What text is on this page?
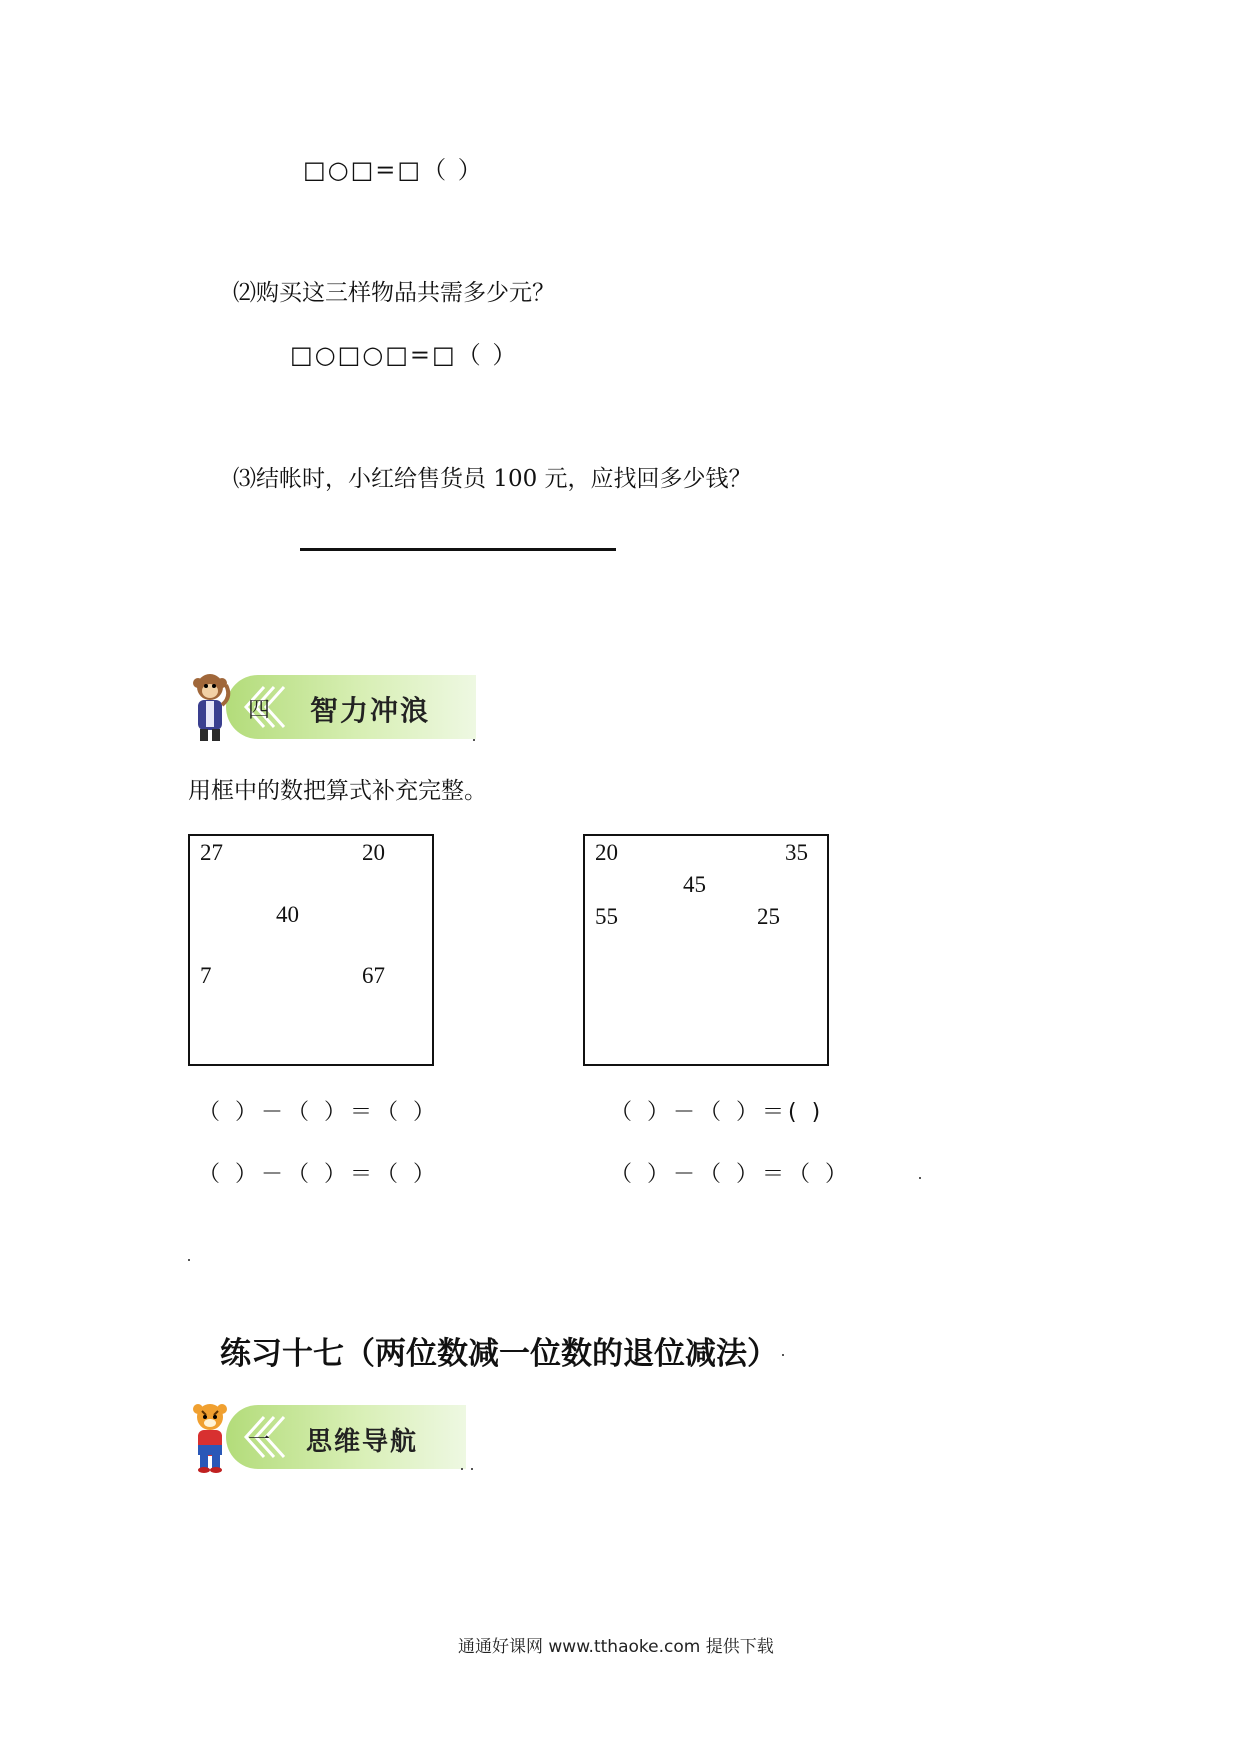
□○□=□（ ）
⑵购买这三样物品共需多少元？
□○□○□=□（ ）
⑶结帐时，小红给售货员 100 元，应找回多少钱？
四 智力冲浪
用框中的数把算式补充完整。
27	20
40
7	67
20	35
45
55	25
（ ）－（ ）＝（ ）
（ ）－（ ）＝（ ）
（ ）－（ ）＝( )
（ ）－（ ）＝（ ）
练习十七（两位数减一位数的退位减法）
一 思维导航
通通好课网 www.tthaoke.com 提供下载
